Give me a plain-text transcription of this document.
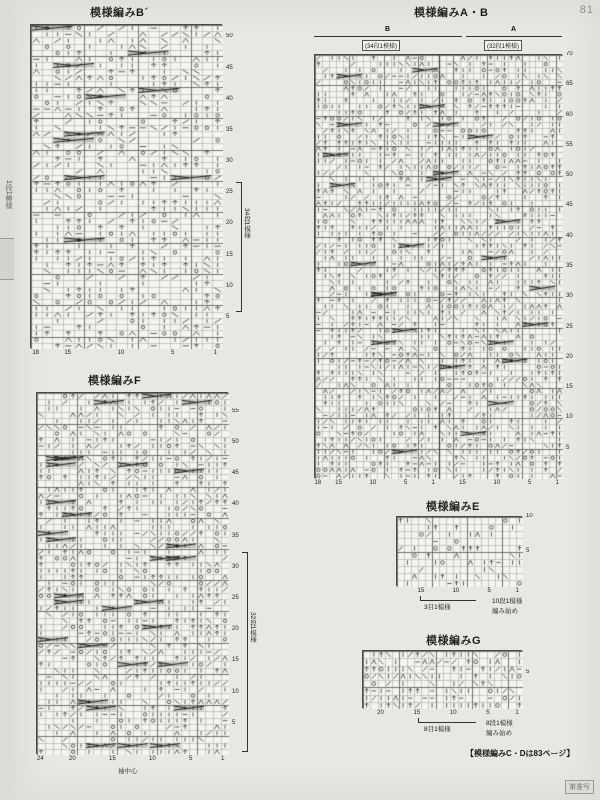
1段1模様
81
第准写
模様編みB´
18	15	10	5	1
5
10
15
20
25
30
35
40
45
50
34段1模様
模様編みA・B
B	A
(34段1模様)	(32段1模様)
18 15	10	5	1	15	10	5	1
5
10
15
20
25
30
35
40
45
50
55
60
65
70
模様編みF
24	20	15	10	5	1
5
10
15
20
25
30
35
40
45
50
55
32段1模様
袖中心
模様編みE
15	10	5	1
5
10
3目1模様
10段1模様
編み始め
模様編みG
20	15	10	5	1
5
8目1模様
8段1模様
編み始め
【模様編みC・Dは83ページ】
